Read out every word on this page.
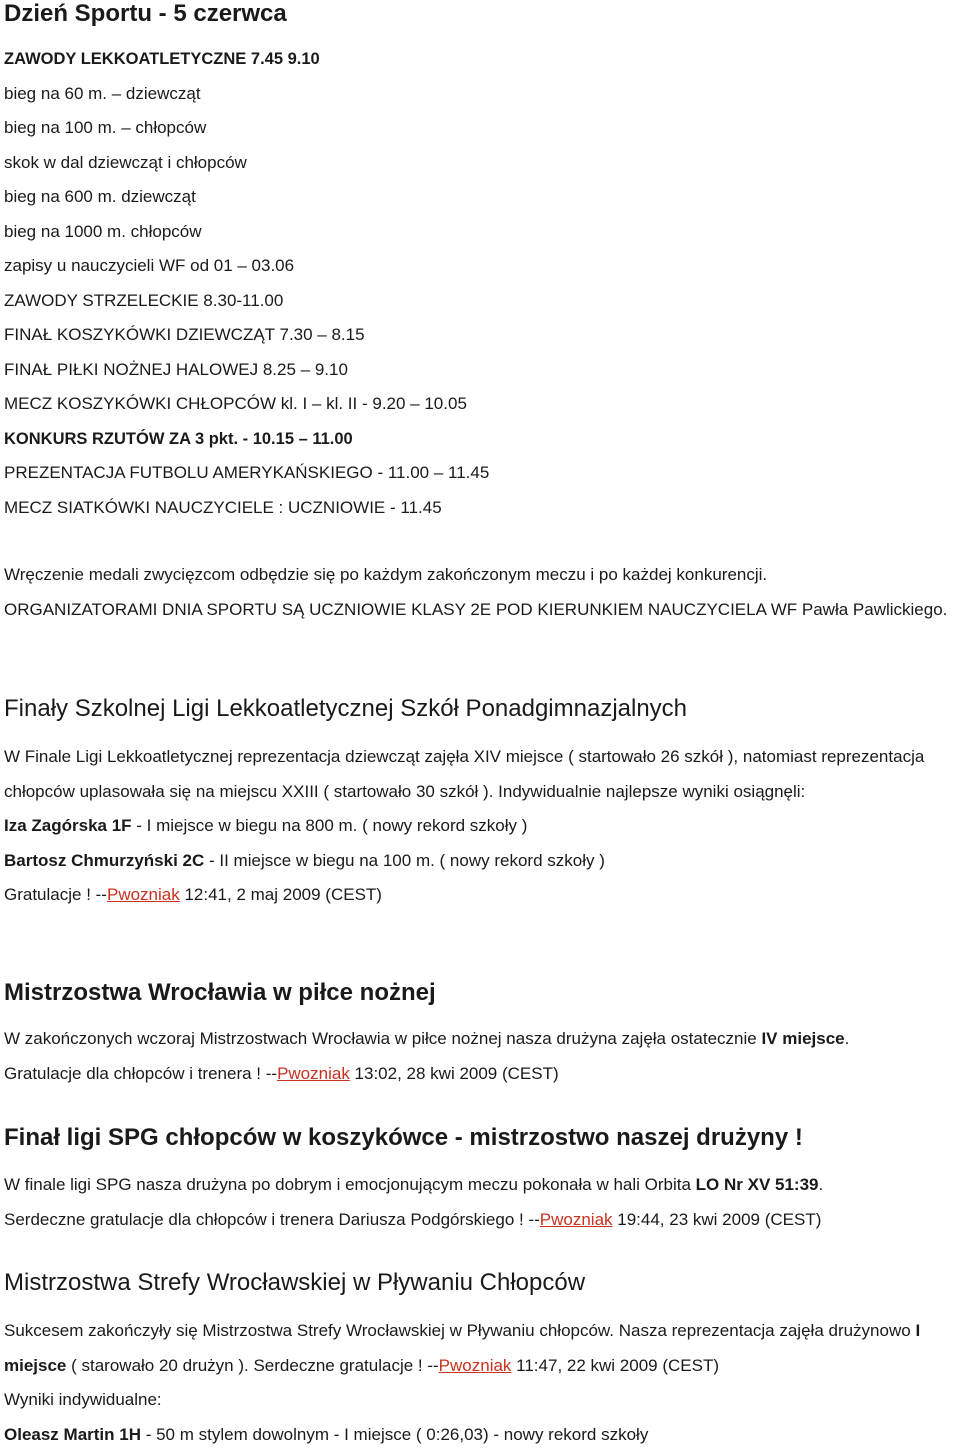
Dzień Sportu - 5 czerwca
ZAWODY LEKKOATLETYCZNE 7.45 9.10
bieg na 60 m. – dziewcząt
bieg na 100 m. – chłopców
skok w dal dziewcząt i chłopców
bieg na 600 m. dziewcząt
bieg na 1000 m. chłopców
zapisy u nauczycieli WF od 01 – 03.06
ZAWODY STRZELECKIE 8.30-11.00
FINAŁ KOSZYKÓWKI DZIEWCZĄT 7.30 – 8.15
FINAŁ PIŁKI NOŻNEJ HALOWEJ 8.25 – 9.10
MECZ KOSZYKÓWKI CHŁOPCÓW kl. I – kl. II - 9.20 – 10.05
KONKURS RZUTÓW ZA 3 pkt. - 10.15 – 11.00
PREZENTACJA FUTBOLU AMERYKAŃSKIEGO - 11.00 – 11.45
MECZ SIATKÓWKI NAUCZYCIELE : UCZNIOWIE - 11.45

Wręczenie medali zwycięzcom odbędzie się po każdym zakończonym meczu i po każdej konkurencji.

ORGANIZATORAMI DNIA SPORTU SĄ UCZNIOWIE KLASY 2E POD KIERUNKIEM NAUCZYCIELA WF Pawła Pawlickiego.

Finały Szkolnej Ligi Lekkoatletycznej Szkół Ponadgimnazjalnych

W Finale Ligi Lekkoatletycznej reprezentacja dziewcząt zajęła XIV miejsce ( startowało 26 szkół ), natomiast reprezentacja chłopców uplasowała się na miejscu XXIII ( startowało 30 szkół ). Indywidualnie najlepsze wyniki osiągnęli:

Iza Zagórska 1F - I miejsce w biegu na 800 m. ( nowy rekord szkoły )

Bartosz Chmurzyński 2C - II miejsce w biegu na 100 m. ( nowy rekord szkoły )

Gratulacje ! --Pwozniak 12:41, 2 maj 2009 (CEST)

Mistrzostwa Wrocławia w piłce nożnej

W zakończonych wczoraj Mistrzostwach Wrocławia w piłce nożnej nasza drużyna zajęła ostatecznie IV miejsce.

Gratulacje dla chłopców i trenera ! --Pwozniak 13:02, 28 kwi 2009 (CEST)

Finał ligi SPG chłopców w koszykówce - mistrzostwo naszej drużyny !

W finale ligi SPG nasza drużyna po dobrym i emocjonującym meczu pokonała w hali Orbita LO Nr XV 51:39.

Serdeczne gratulacje dla chłopców i trenera Dariusza Podgórskiego ! --Pwozniak 19:44, 23 kwi 2009 (CEST)

Mistrzostwa Strefy Wrocławskiej w Pływaniu Chłopców

Sukcesem zakończyły się Mistrzostwa Strefy Wrocławskiej w Pływaniu chłopców. Nasza reprezentacja zajęła drużynowo I miejsce ( starowało 20 drużyn ). Serdeczne gratulacje ! --Pwozniak 11:47, 22 kwi 2009 (CEST)

Wyniki indywidualne:

Oleasz Martin 1H - 50 m stylem dowolnym - I miejsce ( 0:26,03) - nowy rekord szkoły
